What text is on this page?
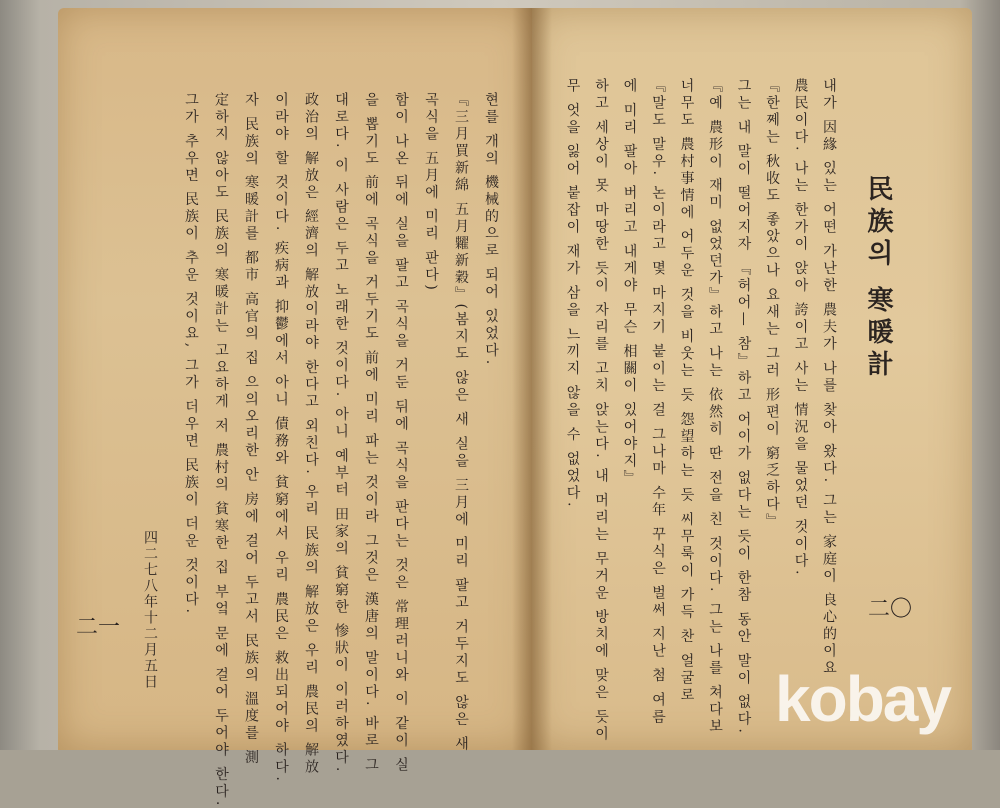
民族의 寒暖計
내가 因緣 있는 어떤 가난한 農夫가 나를 찾아 왔다. 그는 家庭이 良心的이요
農民이다. 나는 한가이 앉아 誇이고 사는 情況을 물었던 것이다.
『한쩨는 秋收도 좋았으나 요새는 그러 形편이 窮乏하다』
그는 내 말이 떨어지자 『허어— 참』하고 어이가 없다는 듯이 한참 동안 말이 없다.
『예 農形이 재미 없었던가』하고 나는 依然히 딴 전을 친 것이다. 그는 나를 쳐다보
너무도 農村事情에 어두운 것을 비웃는 듯 怨望하는 듯 씨무룩이 가득 찬 얼굴로
『말도 말우. 논이라고 몇 마지기 붙이는 걸 그나마 수年 꾸식은 벌써 지난 첨 여름
에 미리 팔아 버리고 내게야 무슨 相關이 있어야지』
하고 세상이 못 마땅한 듯이 자리를 고치 앉는다. 내 머리는 무거운 방치에 맞은 듯이
무 엇을 잃어 붙잡이 재가 삼을 느끼지 않을 수 없었다.
현를 개의 機械的으로 되어 있었다.
『三月買新綿 五月糶新穀』(봄지도 않은 새 실을 三月에 미리 팔고 거두지도 않은 새
곡식을 五月에 미리 판다)
함이 나온 뒤에 실을 팔고 곡식을 거둔 뒤에 곡식을 판다는 것은 常理러니와 이 같이 실
을 뽑기도 前에 곡식을 거두기도 前에 미리 파는 것이라 그것은 漢唐의 말이다. 바로 그
대로다. 이 사람은 두고 노래한 것이다. 아니 예부터 田家의 貧窮한 惨狀이 이러하였다.
政治의 解放은 經濟의 解放이라야 한다고 외친다. 우리 民族의 解放은 우리 農民의 解放
이라야 할 것이다. 疾病과 抑鬱에서 아니 債務와 貧窮에서 우리 農民은 救出되어야 하다.
자 民族의 寒暖計를 都市 高官의 집 으의오리한 안 房에 걸어 두고서 民族의 溫度를 測
定하지 않아도 民族의 寒暖計는 고요하게 저 農村의 貧寒한 집 부엌 문에 걸어 두어야 한다.
그가 추우면 民族이 추운 것이요, 그가 더우면 民族이 더운 것이다.	二〇
二一 四二七八年十二月五日
kobay
